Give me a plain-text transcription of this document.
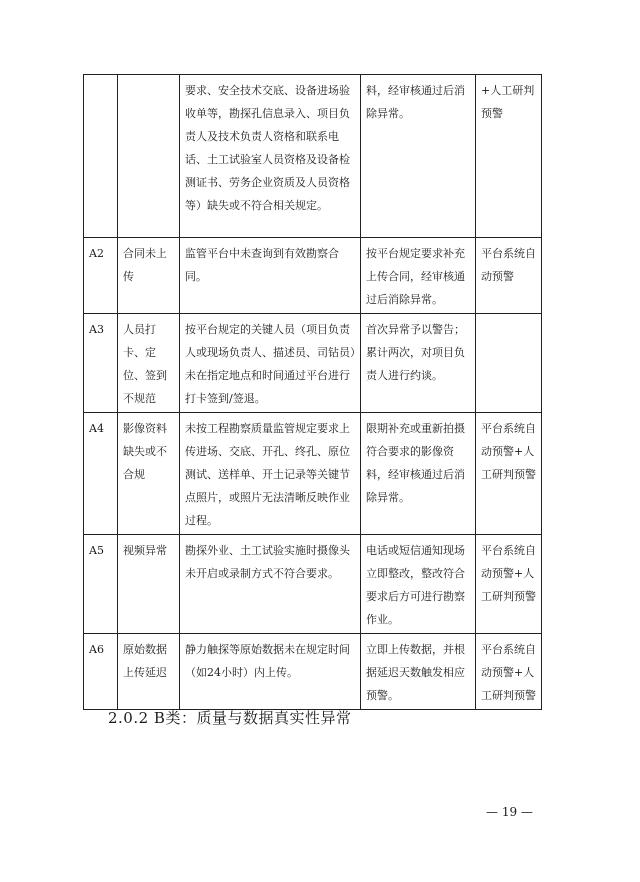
		要求、安全技术交底、设备进场验收单等，勘探孔信息录入、项目负责人及技术负责人资格和联系电话、土工试验室人员资格及设备检测证书、劳务企业资质及人员资格等）缺失或不符合相关规定。	料，经审核通过后消除异常。	+人工研判预警
A2	合同未上传	监管平台中未查询到有效勘察合同。	按平台规定要求补充上传合同，经审核通过后消除异常。	平台系统自动预警
A3	人员打卡、定位、签到不规范	按平台规定的关键人员（项目负责人或现场负责人、描述员、司钻员）未在指定地点和时间通过平台进行打卡签到/签退。	首次异常予以警告；累计两次，对项目负责人进行约谈。	
A4	影像资料缺失或不合规	未按工程勘察质量监管规定要求上传进场、交底、开孔、终孔、原位测试、送样单、开土记录等关键节点照片，或照片无法清晰反映作业过程。	限期补充或重新拍摄符合要求的影像资料，经审核通过后消除异常。	平台系统自动预警+人工研判预警
A5	视频异常	勘探外业、土工试验实施时摄像头未开启或录制方式不符合要求。	电话或短信通知现场立即整改，整改符合要求后方可进行勘察作业。	平台系统自动预警+人工研判预警
A6	原始数据上传延迟	静力触探等原始数据未在规定时间（如24小时）内上传。	立即上传数据，并根据延迟天数触发相应预警。	平台系统自动预警+人工研判预警
2.0.2 B类：质量与数据真实性异常
— 19 —
